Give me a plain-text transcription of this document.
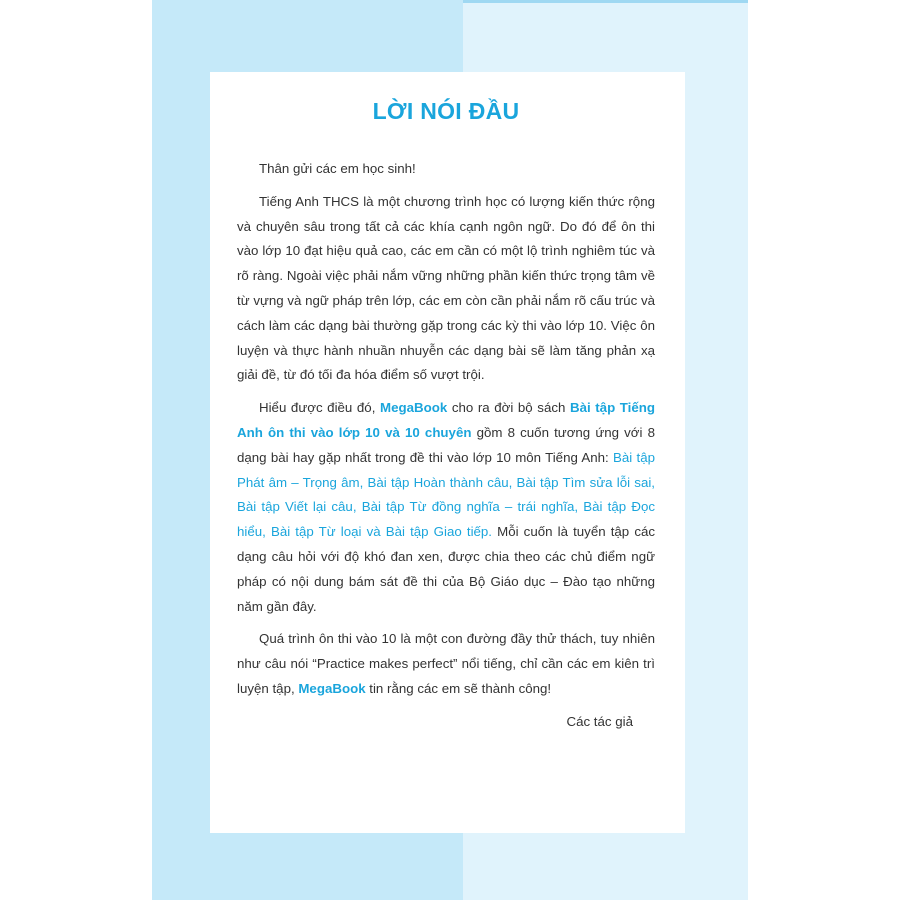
LỜI NÓI ĐẦU

Thân gửi các em học sinh!

Tiếng Anh THCS là một chương trình học có lượng kiến thức rộng và chuyên sâu trong tất cả các khía cạnh ngôn ngữ. Do đó để ôn thi vào lớp 10 đạt hiệu quả cao, các em cần có một lộ trình nghiêm túc và rõ ràng. Ngoài việc phải nắm vững những phần kiến thức trọng tâm về từ vựng và ngữ pháp trên lớp, các em còn cần phải nắm rõ cấu trúc và cách làm các dạng bài thường gặp trong các kỳ thi vào lớp 10. Việc ôn luyện và thực hành nhuần nhuyễn các dạng bài sẽ làm tăng phản xạ giải đề, từ đó tối đa hóa điểm số vượt trội.

Hiểu được điều đó, MegaBook cho ra đời bộ sách Bài tập Tiếng Anh ôn thi vào lớp 10 và 10 chuyên gồm 8 cuốn tương ứng với 8 dạng bài hay gặp nhất trong đề thi vào lớp 10 môn Tiếng Anh: Bài tập Phát âm – Trọng âm, Bài tập Hoàn thành câu, Bài tập Tìm sửa lỗi sai, Bài tập Viết lại câu, Bài tập Từ đồng nghĩa – trái nghĩa, Bài tập Đọc hiểu, Bài tập Từ loại và Bài tập Giao tiếp. Mỗi cuốn là tuyển tập các dạng câu hỏi với độ khó đan xen, được chia theo các chủ điểm ngữ pháp có nội dung bám sát đề thi của Bộ Giáo dục – Đào tạo những năm gần đây.

Quá trình ôn thi vào 10 là một con đường đầy thử thách, tuy nhiên như câu nói “Practice makes perfect” nổi tiếng, chỉ cần các em kiên trì luyện tập, MegaBook tin rằng các em sẽ thành công!

Các tác giả
